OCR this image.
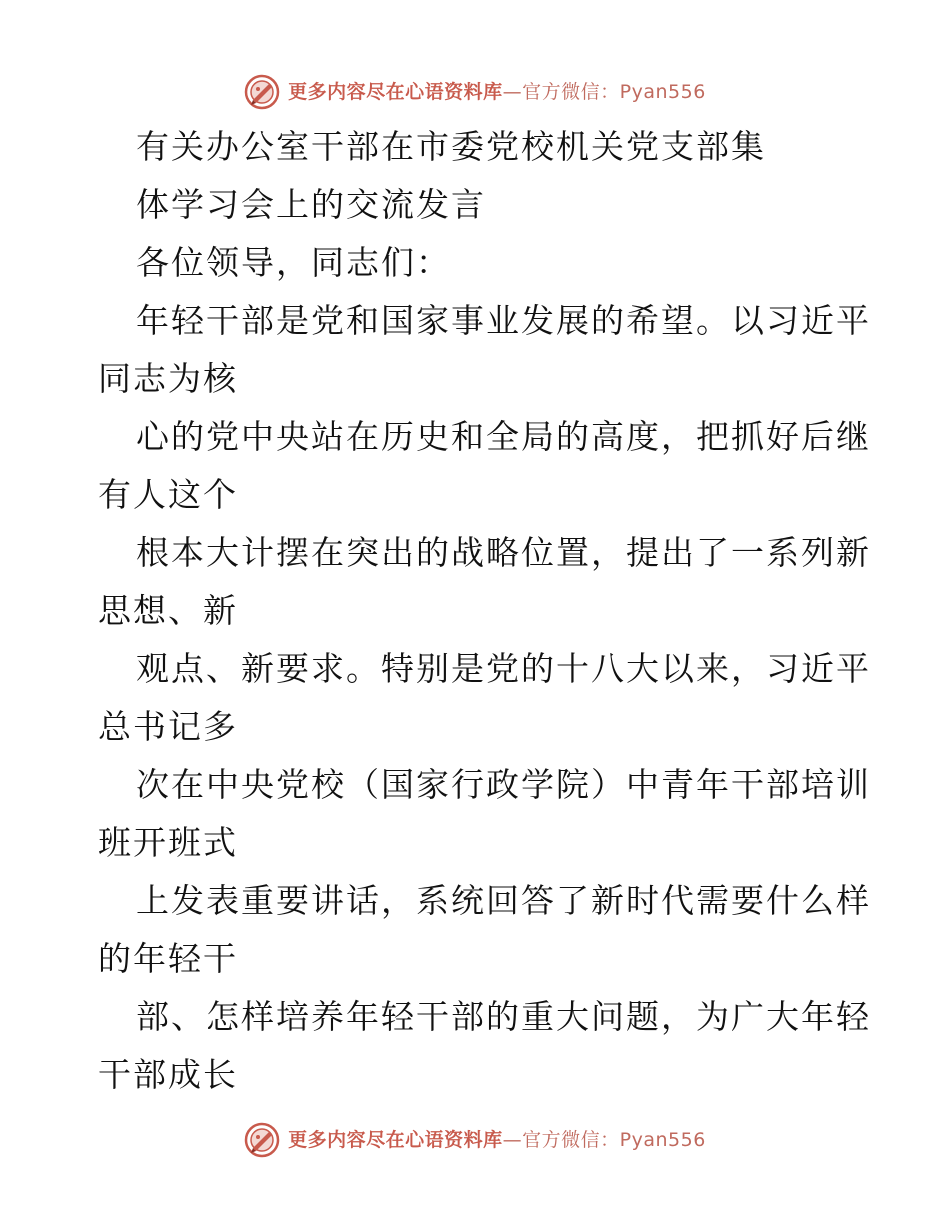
更多内容尽在心语资料库 —官方微信：Pyan556
有关办公室干部在市委党校机关党支部集
体学习会上的交流发言
各位领导，同志们：
年轻干部是党和国家事业发展的希望。以习近平
同志为核
心的党中央站在历史和全局的高度，把抓好后继
有人这个
根本大计摆在突出的战略位置，提出了一系列新
思想、新
观点、新要求。特别是党的十八大以来，习近平
总书记多
次在中央党校（国家行政学院）中青年干部培训
班开班式
上发表重要讲话，系统回答了新时代需要什么样
的年轻干
部、怎样培养年轻干部的重大问题，为广大年轻
干部成长
更多内容尽在心语资料库 —官方微信：Pyan556
